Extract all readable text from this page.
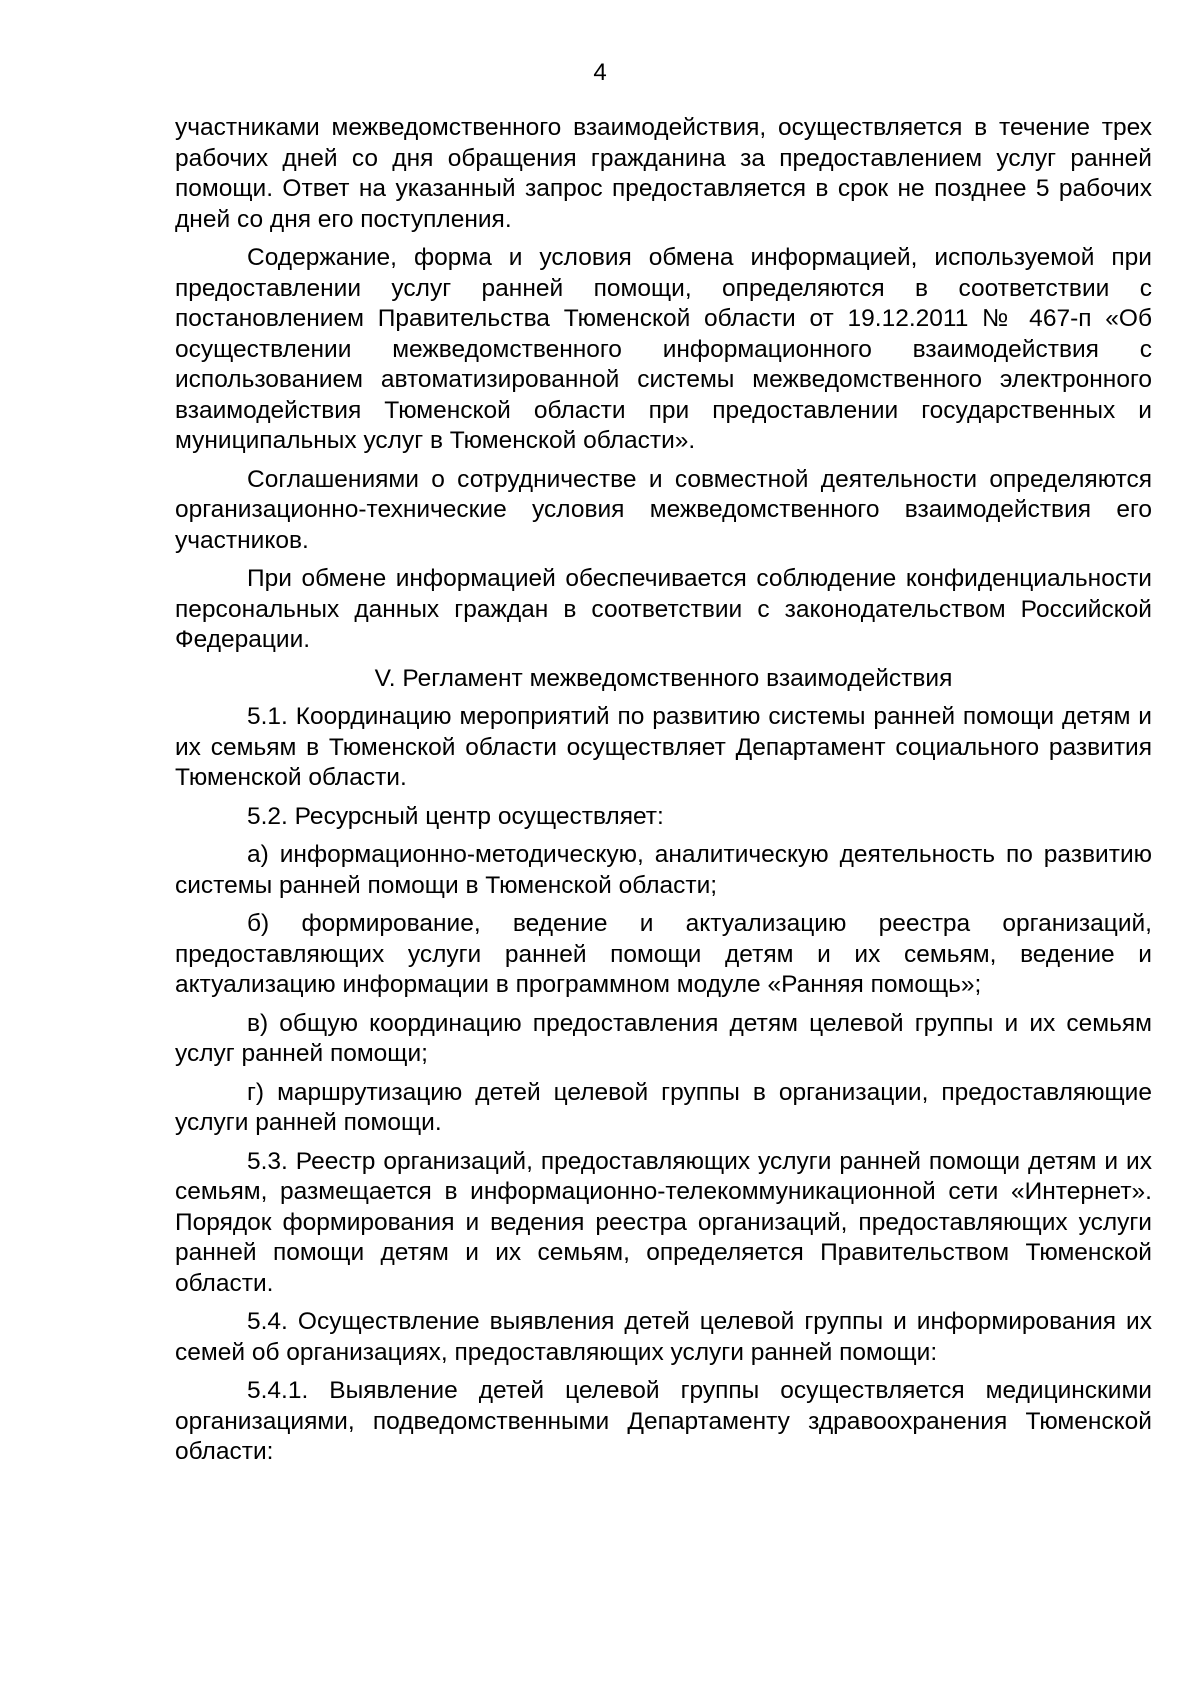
4

участниками межведомственного взаимодействия, осуществляется в течение трех рабочих дней со дня обращения гражданина за предоставлением услуг ранней помощи. Ответ на указанный запрос предоставляется в срок не позднее 5 рабочих дней со дня его поступления.

Содержание, форма и условия обмена информацией, используемой при предоставлении услуг ранней помощи, определяются в соответствии с постановлением Правительства Тюменской области от 19.12.2011 № 467-п «Об осуществлении межведомственного информационного взаимодействия с использованием автоматизированной системы межведомственного электронного взаимодействия Тюменской области при предоставлении государственных и муниципальных услуг в Тюменской области».

Соглашениями о сотрудничестве и совместной деятельности определяются организационно-технические условия межведомственного взаимодействия его участников.

При обмене информацией обеспечивается соблюдение конфиденциальности персональных данных граждан в соответствии с законодательством Российской Федерации.

V. Регламент межведомственного взаимодействия

5.1. Координацию мероприятий по развитию системы ранней помощи детям и их семьям в Тюменской области осуществляет Департамент социального развития Тюменской области.

5.2. Ресурсный центр осуществляет:

а) информационно-методическую, аналитическую деятельность по развитию системы ранней помощи в Тюменской области;

б) формирование, ведение и актуализацию реестра организаций, предоставляющих услуги ранней помощи детям и их семьям, ведение и актуализацию информации в программном модуле «Ранняя помощь»;

в) общую координацию предоставления детям целевой группы и их семьям услуг ранней помощи;

г) маршрутизацию детей целевой группы в организации, предоставляющие услуги ранней помощи.

5.3. Реестр организаций, предоставляющих услуги ранней помощи детям и их семьям, размещается в информационно-телекоммуникационной сети «Интернет». Порядок формирования и ведения реестра организаций, предоставляющих услуги ранней помощи детям и их семьям, определяется Правительством Тюменской области.

5.4. Осуществление выявления детей целевой группы и информирования их семей об организациях, предоставляющих услуги ранней помощи:

5.4.1. Выявление детей целевой группы осуществляется медицинскими организациями, подведомственными Департаменту здравоохранения Тюменской области:
